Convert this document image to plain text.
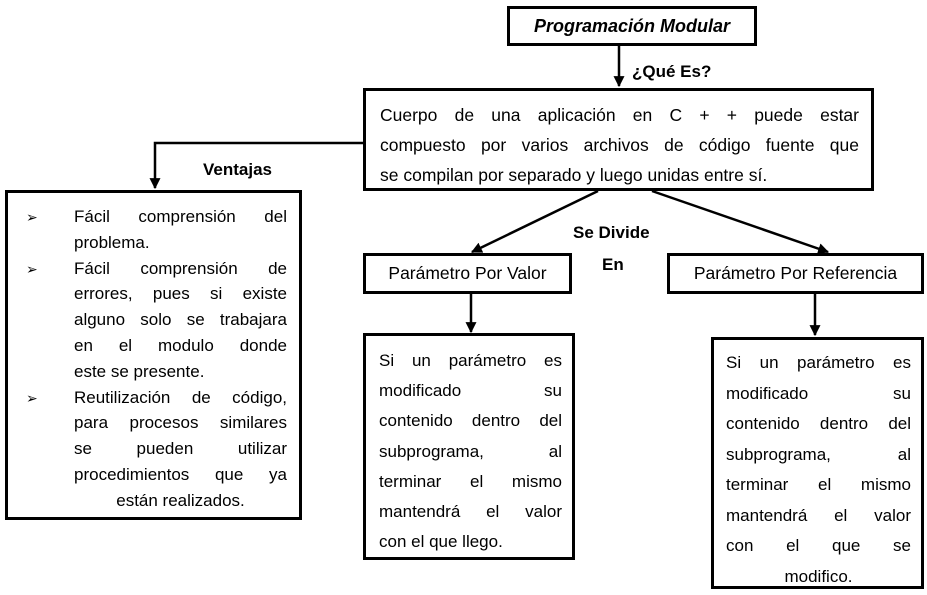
Programación Modular
¿Qué Es?
Cuerpo de una aplicación en C + + puede estar
compuesto por varios archivos de código fuente que
se compilan por separado y luego unidas entre sí.
Ventajas
➢ Fácil comprensión del
problema.
➢ Fácil comprensión de
errores, pues si existe
alguno solo se trabajara
en el modulo donde
este se presente.
➢ Reutilización de código,
para procesos similares
se pueden utilizar
procedimientos que ya
están realizados.
Se Divide
En
Parámetro Por Valor	Parámetro Por Referencia
Si un parámetro es
modificado su
contenido dentro del
subprograma, al
terminar el mismo
mantendrá el valor
con el que llego.
Si un parámetro es
modificado su
contenido dentro del
subprograma, al
terminar el mismo
mantendrá el valor
con el que se
modifico.
